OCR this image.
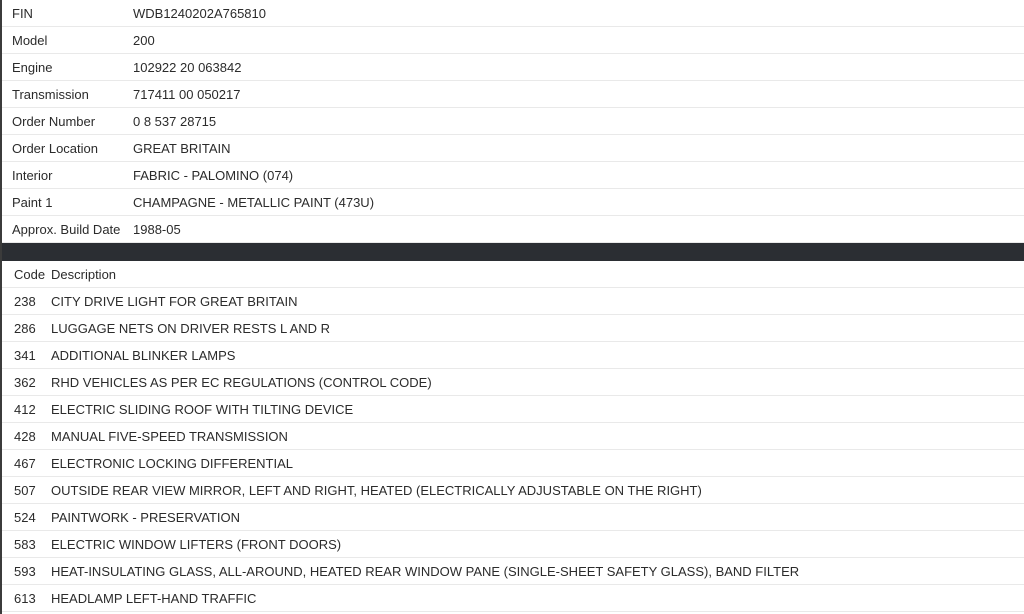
FIN	WDB1240202A765810
Model	200
Engine	102922 20 063842
Transmission	717411 00 050217
Order Number	0 8 537 28715
Order Location	GREAT BRITAIN
Interior	FABRIC - PALOMINO (074)
Paint 1	CHAMPAGNE - METALLIC PAINT (473U)
Approx. Build Date 1988-05
Code Description
238	CITY DRIVE LIGHT FOR GREAT BRITAIN
286	LUGGAGE NETS ON DRIVER RESTS L AND R
341	ADDITIONAL BLINKER LAMPS
362	RHD VEHICLES AS PER EC REGULATIONS (CONTROL CODE)
412	ELECTRIC SLIDING ROOF WITH TILTING DEVICE
428	MANUAL FIVE-SPEED TRANSMISSION
467	ELECTRONIC LOCKING DIFFERENTIAL
507	OUTSIDE REAR VIEW MIRROR, LEFT AND RIGHT, HEATED (ELECTRICALLY ADJUSTABLE ON THE RIGHT)
524	PAINTWORK - PRESERVATION
583	ELECTRIC WINDOW LIFTERS (FRONT DOORS)
593	HEAT-INSULATING GLASS, ALL-AROUND, HEATED REAR WINDOW PANE (SINGLE-SHEET SAFETY GLASS), BAND FILTER
613	HEADLAMP LEFT-HAND TRAFFIC
